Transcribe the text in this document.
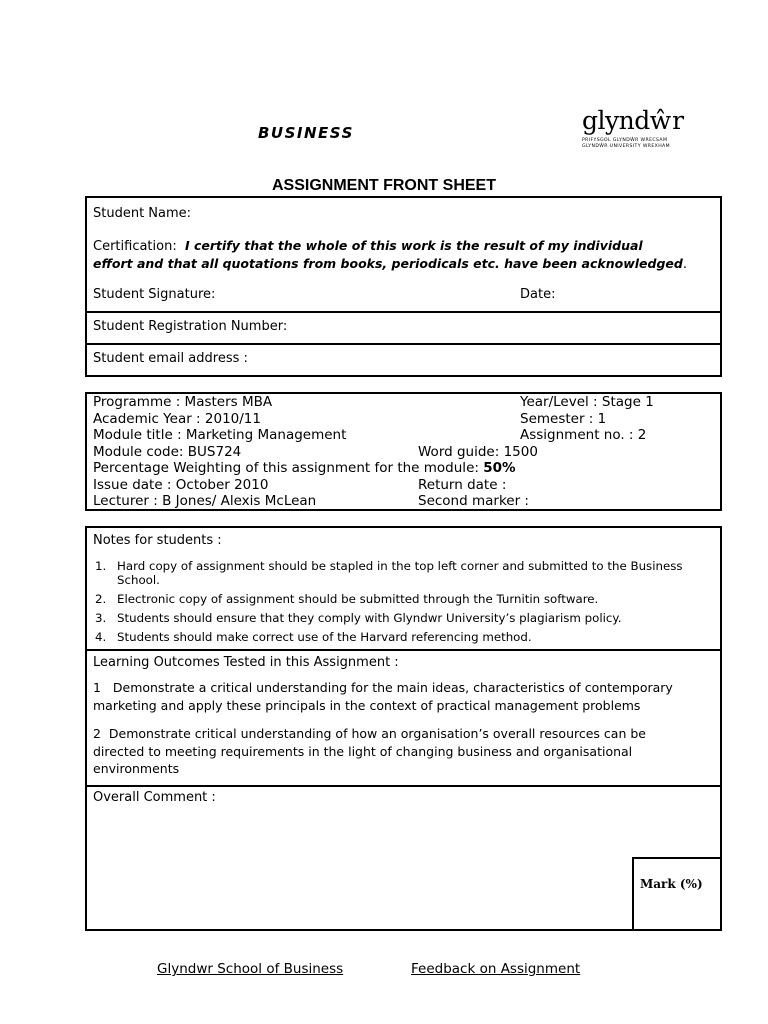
BUSINESS	glyndŵr
PRIFYSGOL GLYNDŴR WRECSAM
GLYNDŴR UNIVERSITY WREXHAM
ASSIGNMENT FRONT SHEET
Student Name:
Certification: I certify that the whole of this work is the result of my individual
effort and that all quotations from books, periodicals etc. have been acknowledged.
Student Signature:	Date:
Student Registration Number:
Student email address :
Programme : Masters MBA	Year/Level : Stage 1
Academic Year : 2010/11	Semester : 1
Module title : Marketing Management	Assignment no. : 2
Module code: BUS724	Word guide: 1500
Percentage Weighting of this assignment for the module: 50%
Issue date : October 2010	Return date :
Lecturer : B Jones/ Alexis McLean	Second marker :
Notes for students :
1. Hard copy of assignment should be stapled in the top left corner and submitted to the Business School.
2. Electronic copy of assignment should be submitted through the Turnitin software.
3. Students should ensure that they comply with Glyndwr University’s plagiarism policy.
4. Students should make correct use of the Harvard referencing method.
Learning Outcomes Tested in this Assignment :
1 Demonstrate a critical understanding for the main ideas, characteristics of contemporary marketing and apply these principals in the context of practical management problems
2 Demonstrate critical understanding of how an organisation’s overall resources can be directed to meeting requirements in the light of changing business and organisational environments
Overall Comment :
Mark (%)
Glyndwr School of Business	Feedback on Assignment
